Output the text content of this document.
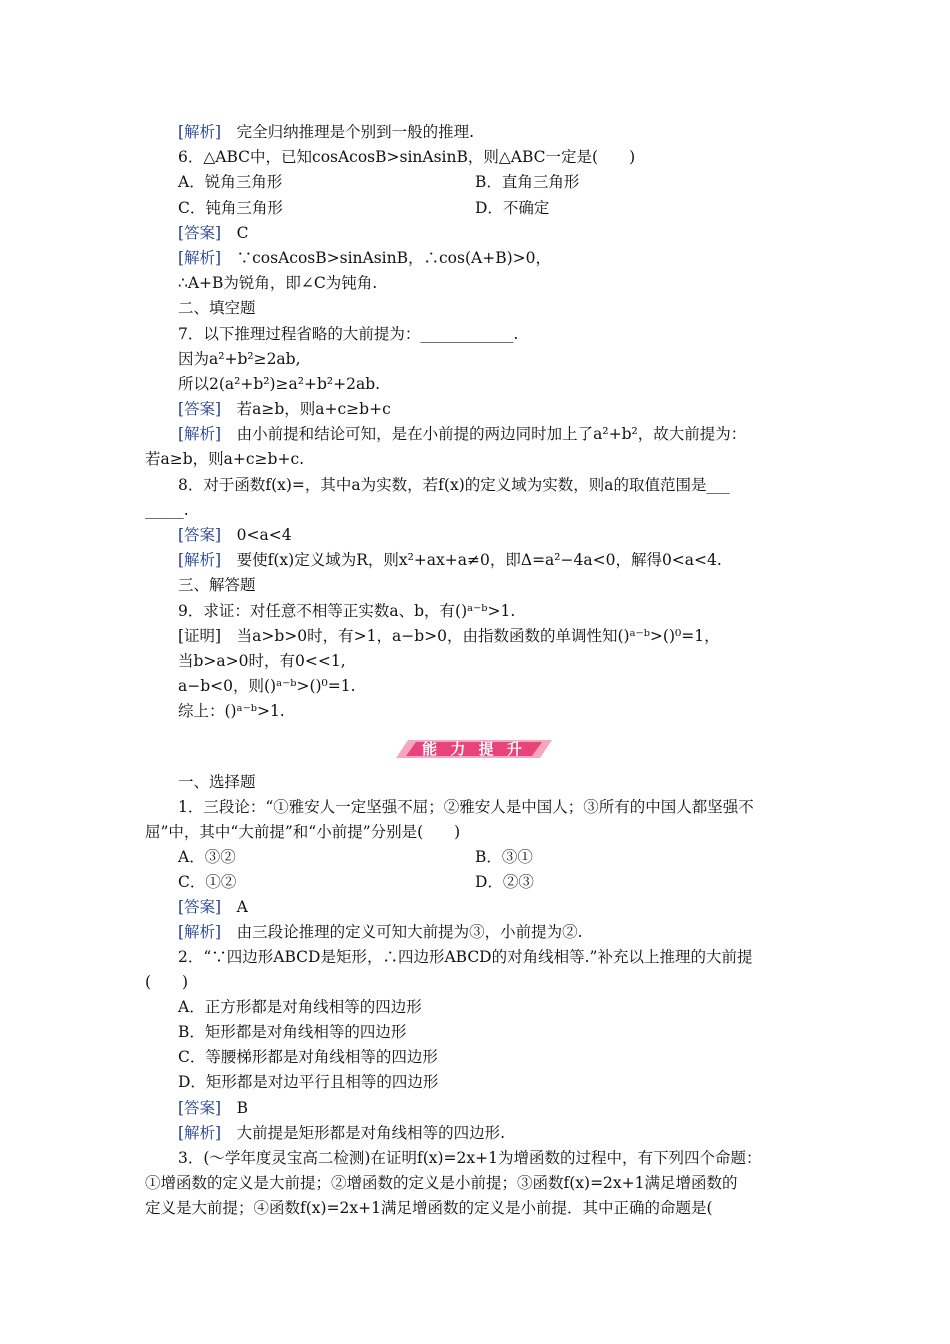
[解析]　 完全归纳推理是个别到一般的推理.
6．△ABC中，已知cosAcosB>sinAsinB，则△ABC一定是(　　)
A．锐角三角形	B．直角三角形
C．钝角三角形	D．不确定
[答案]　 C
[解析]　 ∵cosAcosB>sinAsinB，∴cos(A+B)>0，
∴A+B为锐角，即∠C为钝角.
二、填空题
7．以下推理过程省略的大前提为：____________.
因为a²+b²≥2ab,
所以2(a²+b²)≥a²+b²+2ab.
[答案]　 若a≥b，则a+c≥b+c
[解析]　 由小前提和结论可知，是在小前提的两边同时加上了a²+b²，故大前提为：
若a≥b，则a+c≥b+c.
8．对于函数f(x)=，其中a为实数，若f(x)的定义域为实数，则a的取值范围是___
_____.
[答案]　 0<a<4
[解析]　 要使f(x)定义域为R，则x²+ax+a≠0，即Δ=a²−4a<0，解得0<a<4.
三、解答题
9．求证：对任意不相等正实数a、b，有()ᵃ⁻ᵇ>1.
[证明]　 当a>b>0时，有>1，a−b>0，由指数函数的单调性知()ᵃ⁻ᵇ>()⁰=1，
当b>a>0时，有0<<1,
a−b<0，则()ᵃ⁻ᵇ>()⁰=1.
综上：()ᵃ⁻ᵇ>1.
能 力 提 升
一、选择题
1．三段论：“①雅安人一定坚强不屈；②雅安人是中国人；③所有的中国人都坚强不
屈”中，其中“大前提”和“小前提”分别是(　　)
A．③②	B．③①
C．①②	D．②③
[答案]　 A
[解析]　 由三段论推理的定义可知大前提为③，小前提为②.
2．“∵四边形ABCD是矩形，∴四边形ABCD的对角线相等.”补充以上推理的大前提
(　　)
A．正方形都是对角线相等的四边形
B．矩形都是对角线相等的四边形
C．等腰梯形都是对角线相等的四边形
D．矩形都是对边平行且相等的四边形
[答案]　 B
[解析]　 大前提是矩形都是对角线相等的四边形.
3．(～学年度灵宝高二检测)在证明f(x)=2x+1为增函数的过程中，有下列四个命题：
①增函数的定义是大前提；②增函数的定义是小前提；③函数f(x)=2x+1满足增函数的
定义是大前提；④函数f(x)=2x+1满足增函数的定义是小前提．其中正确的命题是(
